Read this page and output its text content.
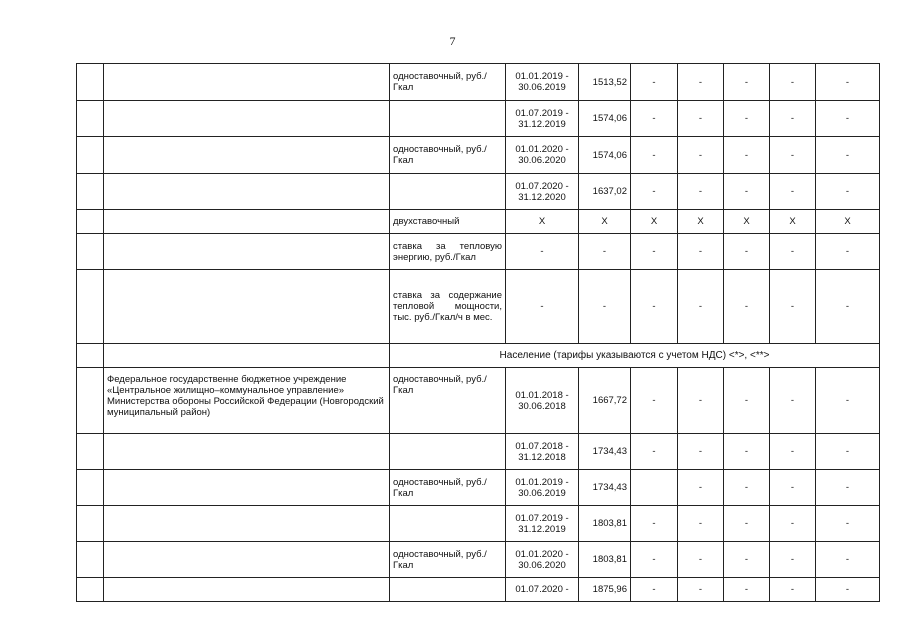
7
		одноставочный, руб./Гкал	01.01.2019 - 30.06.2019	1513,52	-	-	-	-	-
			01.07.2019 - 31.12.2019	1574,06	-	-	-	-	-
		одноставочный, руб./Гкал	01.01.2020 - 30.06.2020	1574,06	-	-	-	-	-
			01.07.2020 - 31.12.2020	1637,02	-	-	-	-	-
		двухставочный	X	X	X	X	X	X	X
		ставка за тепловую энергию, руб./Гкал	-	-	-	-	-	-	-
		ставка за содержание тепловой мощности, тыс. руб./Гкал/ч в мес.	-	-	-	-	-	-	-
		Население (тарифы указываются с учетом НДС) <*>, <**>							
	Федеральное государственне бюджетное учреждение «Центральное жилищно–коммунальное управление» Министерства обороны Российской Федерации (Новгородский муниципальный район)	одноставочный, руб./Гкал	01.01.2018 - 30.06.2018	1667,72	-	-	-	-	-
			01.07.2018 - 31.12.2018	1734,43	-	-	-	-	-
		одноставочный, руб./Гкал	01.01.2019 - 30.06.2019	1734,43		-	-	-	-
			01.07.2019 - 31.12.2019	1803,81	-	-	-	-	-
		одноставочный, руб./Гкал	01.01.2020 - 30.06.2020	1803,81	-	-	-	-	-
			01.07.2020 -	1875,96	-	-	-	-	-
